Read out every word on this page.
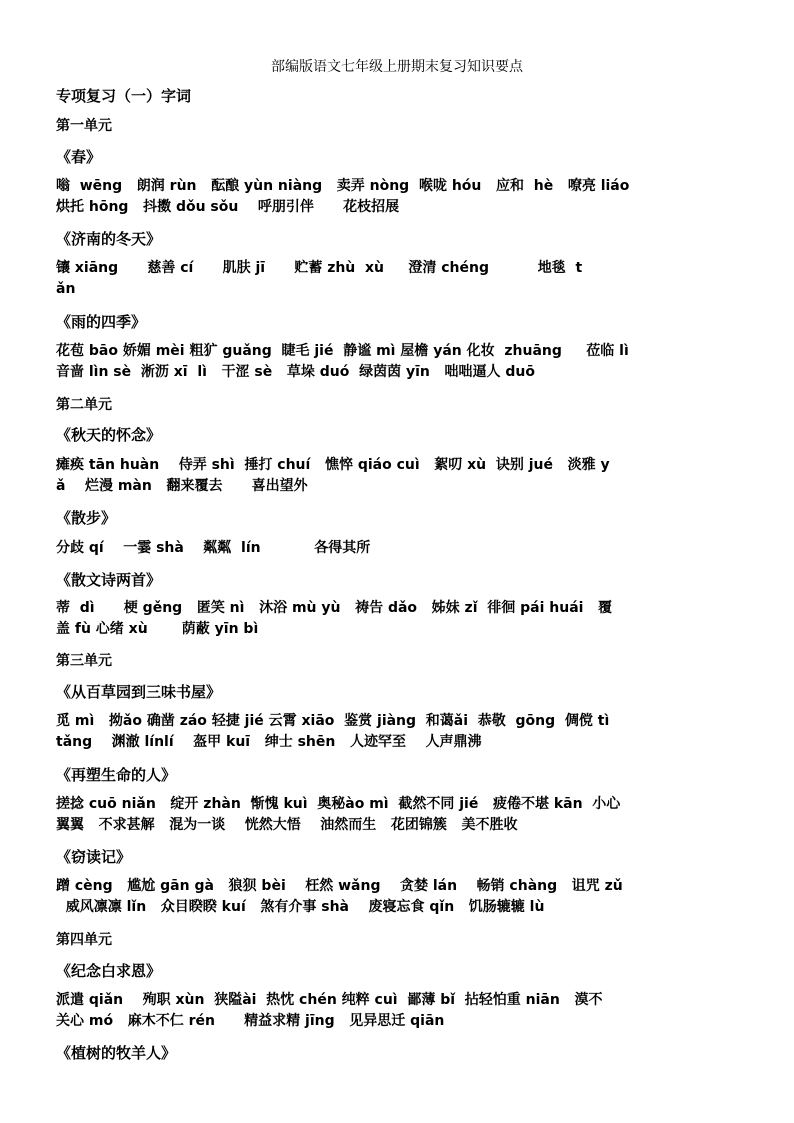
部编版语文七年级上册期末复习知识要点
专项复习（一）字词
第一单元
《春》
嗡  wēng   朗润 rùn   酝酿 yùn niàng   卖弄 nòng  喉咙 hóu   应和  hè   嘹亮 liáo
烘托 hōng   抖擞 dǒu sǒu    呼朋引伴      花枝招展
《济南的冬天》
镶 xiāng      慈善 cí      肌肤 jī      贮蓄 zhù  xù     澄清 chéng          地毯  t
ǎn
《雨的四季》
花苞 bāo 娇媚 mèi 粗犷 guǎng  睫毛 jié  静谧 mì 屋檐 yán 化妆  zhuāng     莅临 lì
音啬 lìn sè  淅沥 xī  lì   干涩 sè   草垛 duó  绿茵茵 yīn   咄咄逼人 duō
第二单元
《秋天的怀念》
瘫痪 tān huàn    侍弄 shì  捶打 chuí   憔悴 qiáo cuì   絮叨 xù  诀别 jué   淡雅 y
ǎ    烂漫 màn   翻来覆去      喜出望外
《散步》
分歧 qí    一霎 shà    粼粼  lín           各得其所
《散文诗两首》
蒂  dì      梗 gěng   匿笑 nì   沐浴 mù yù   祷告 dǎo   姊妹 zǐ  徘徊 pái huái   覆
盖 fù 心绪 xù       荫蔽 yīn bì
第三单元
《从百草园到三味书屋》
觅 mì   拗ǎo 确凿 záo 轻捷 jié 云霄 xiāo  鉴赏 jiàng  和蔼ǎi  恭敬  gōng  倜傥 tì
tǎng    渊澈 línlí    盔甲 kuī   绅士 shēn   人迹罕至    人声鼎沸
《再塑生命的人》
搓捻 cuō niǎn   绽开 zhàn  惭愧 kuì  奥秘ào mì  截然不同 jié   疲倦不堪 kān  小心
翼翼   不求甚解   混为一谈    恍然大悟    油然而生   花团锦簇   美不胜收
《窃读记》
蹭 cèng   尴尬 gān gà   狼狈 bèi    枉然 wǎng    贪婪 lán    畅销 chàng   诅咒 zǔ
威风凛凛 lǐn   众目睽睽 kuí   煞有介事 shà    废寝忘食 qǐn   饥肠辘辘 lù
第四单元
《纪念白求恩》
派遣 qiǎn    殉职 xùn  狭隘ài  热忱 chén 纯粹 cuì  鄙薄 bǐ  拈轻怕重 niān   漠不
关心 mó   麻木不仁 rén      精益求精 jīng   见异思迁 qiān
《植树的牧羊人》
